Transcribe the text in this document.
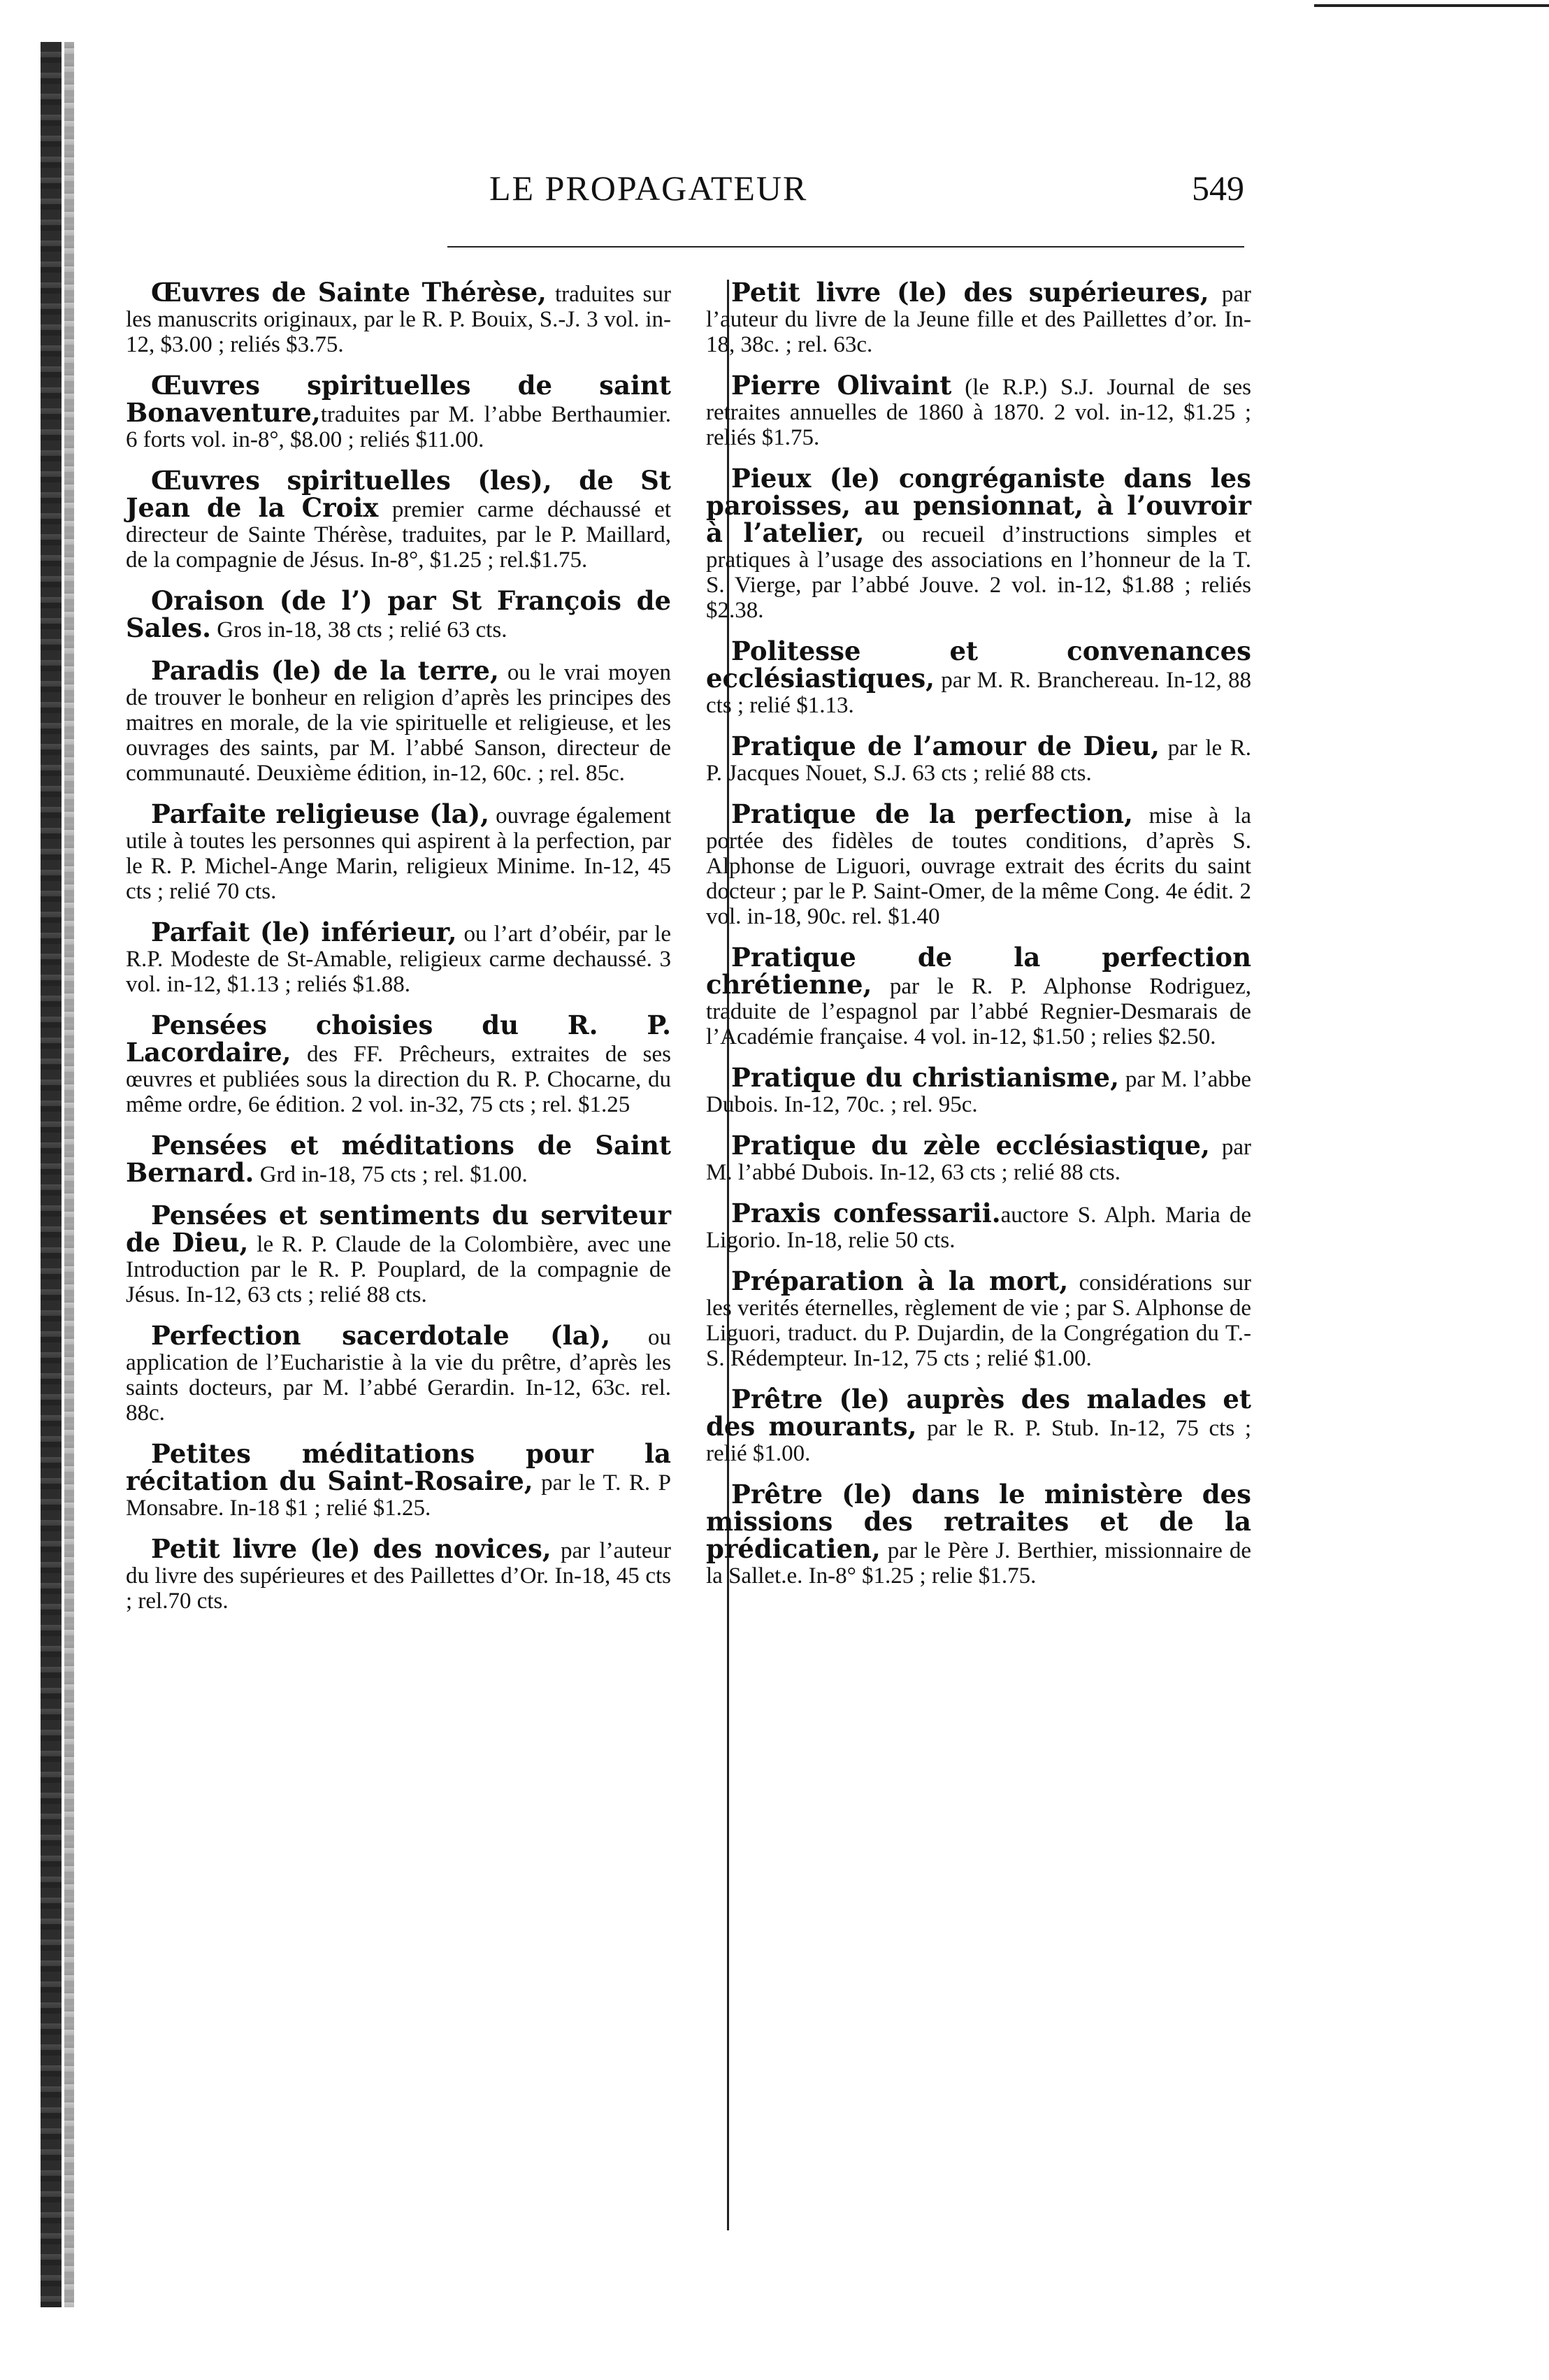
LE PROPAGATEUR	549

Œuvres de Sainte Thérèse, traduites sur les manuscrits originaux, par le R. P. Bouix, S.-J. 3 vol. in-12, $3.00 ; reliés $3.75.

Œuvres spirituelles de saint Bonaventure,traduites par M. l’abbe Berthaumier. 6 forts vol. in-8°, $8.00 ; reliés $11.00.

Œuvres spirituelles (les), de St Jean de la Croix premier carme déchaussé et directeur de Sainte Thérèse, traduites, par le P. Maillard, de la compagnie de Jésus. In-8°, $1.25 ; rel.$1.75.

Oraison (de l’) par St François de Sales. Gros in-18, 38 cts ; relié 63 cts.

Paradis (le) de la terre, ou le vrai moyen de trouver le bonheur en religion d’après les principes des maitres en morale, de la vie spirituelle et religieuse, et les ouvrages des saints, par M. l’abbé Sanson, directeur de communauté. Deuxième édition, in-12, 60c. ; rel. 85c.

Parfaite religieuse (la), ouvrage également utile à toutes les personnes qui aspirent à la perfection, par le R. P. Michel-Ange Marin, religieux Minime. In-12, 45 cts ; relié 70 cts.

Parfait (le) inférieur, ou l’art d’obéir, par le R.P. Modeste de St-Amable, religieux carme dechaussé. 3 vol. in-12, $1.13 ; reliés $1.88.

Pensées choisies du R. P. Lacordaire, des FF. Prêcheurs, extraites de ses œuvres et publiées sous la direction du R. P. Chocarne, du même ordre, 6e édition. 2 vol. in-32, 75 cts ; rel. $1.25

Pensées et méditations de Saint Bernard. Grd in-18, 75 cts ; rel. $1.00.

Pensées et sentiments du serviteur de Dieu, le R. P. Claude de la Colombière, avec une Introduction par le R. P. Pouplard, de la compagnie de Jésus. In-12, 63 cts ; relié 88 cts.

Perfection sacerdotale (la), ou application de l’Eucharistie à la vie du prêtre, d’après les saints docteurs, par M. l’abbé Gerardin. In-12, 63c. rel. 88c.

Petites méditations pour la récitation du Saint-Rosaire, par le T. R. P Monsabre. In-18 $1 ; relié $1.25.

Petit livre (le) des novices, par l’auteur du livre des supérieures et des Paillettes d’Or. In-18, 45 cts ; rel.70 cts.

Petit livre (le) des supérieures, par l’auteur du livre de la Jeune fille et des Paillettes d’or. In-18, 38c. ; rel. 63c.

Pierre Olivaint (le R.P.) S.J. Journal de ses retraites annuelles de 1860 à 1870. 2 vol. in-12, $1.25 ; reliés $1.75.

Pieux (le) congréganiste dans les paroisses, au pensionnat, à l’ouvroir à l’atelier, ou recueil d’instructions simples et pratiques à l’usage des associations en l’honneur de la T. S. Vierge, par l’abbé Jouve. 2 vol. in-12, $1.88 ; reliés $2.38.

Politesse et convenances ecclésiastiques, par M. R. Branchereau. In-12, 88 cts ; relié $1.13.

Pratique de l’amour de Dieu, par le R. P. Jacques Nouet, S.J. 63 cts ; relié 88 cts.

Pratique de la perfection, mise à la portée des fidèles de toutes conditions, d’après S. Alphonse de Liguori, ouvrage extrait des écrits du saint docteur ; par le P. Saint-Omer, de la même Cong. 4e édit. 2 vol. in-18, 90c. rel. $1.40

Pratique de la perfection chrétienne, par le R. P. Alphonse Rodriguez, traduite de l’espagnol par l’abbé Regnier-Desmarais de l’Académie française. 4 vol. in-12, $1.50 ; relies $2.50.

Pratique du christianisme, par M. l’abbe Dubois. In-12, 70c. ; rel. 95c.

Pratique du zèle ecclésiastique, par M. l’abbé Dubois. In-12, 63 cts ; relié 88 cts.

Praxis confessarii.auctore S. Alph. Maria de Ligorio. In-18, relie 50 cts.

Préparation à la mort, considérations sur les verités éternelles, règlement de vie ; par S. Alphonse de Liguori, traduct. du P. Dujardin, de la Congrégation du T.-S. Rédempteur. In-12, 75 cts ; relié $1.00.

Prêtre (le) auprès des malades et des mourants, par le R. P. Stub. In-12, 75 cts ; relié $1.00.

Prêtre (le) dans le ministère des missions des retraites et de la prédicatien, par le Père J. Berthier, missionnaire de la Sallet.e. In-8° $1.25 ; relie $1.75.
